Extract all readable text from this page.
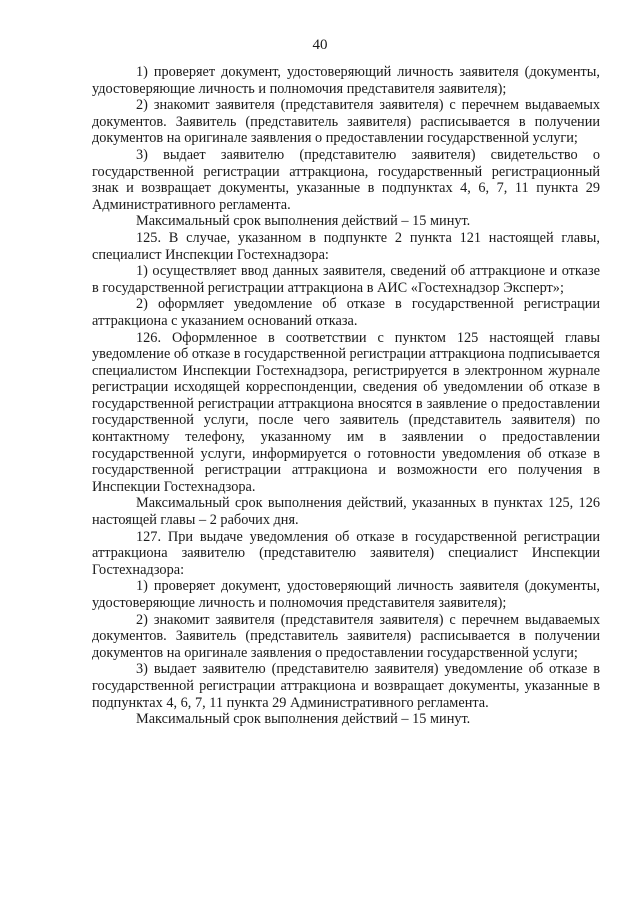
40

1) проверяет документ, удостоверяющий личность заявителя (документы, удостоверяющие личность и полномочия представителя заявителя);

2) знакомит заявителя (представителя заявителя) с перечнем выдаваемых документов. Заявитель (представитель заявителя) расписывается в получении документов на оригинале заявления о предоставлении государственной услуги;

3) выдает заявителю (представителю заявителя) свидетельство о государственной регистрации аттракциона, государственный регистрационный знак и возвращает документы, указанные в подпунктах 4, 6, 7, 11 пункта 29 Административного регламента.

Максимальный срок выполнения действий – 15 минут.

125. В случае, указанном в подпункте 2 пункта 121 настоящей главы, специалист Инспекции Гостехнадзора:

1) осуществляет ввод данных заявителя, сведений об аттракционе и отказе в государственной регистрации аттракциона в АИС «Гостехнадзор Эксперт»;

2) оформляет уведомление об отказе в государственной регистрации аттракциона с указанием оснований отказа.

126. Оформленное в соответствии с пунктом 125 настоящей главы уведомление об отказе в государственной регистрации аттракциона подписывается специалистом Инспекции Гостехнадзора, регистрируется в электронном журнале регистрации исходящей корреспонденции, сведения об уведомлении об отказе в государственной регистрации аттракциона вносятся в заявление о предоставлении государственной услуги, после чего заявитель (представитель заявителя) по контактному телефону, указанному им в заявлении о предоставлении государственной услуги, информируется о готовности уведомления об отказе в государственной регистрации аттракциона и возможности его получения в Инспекции Гостехнадзора.

Максимальный срок выполнения действий, указанных в пунктах 125, 126 настоящей главы – 2 рабочих дня.

127. При выдаче уведомления об отказе в государственной регистрации аттракциона заявителю (представителю заявителя) специалист Инспекции Гостехнадзора:

1) проверяет документ, удостоверяющий личность заявителя (документы, удостоверяющие личность и полномочия представителя заявителя);

2) знакомит заявителя (представителя заявителя) с перечнем выдаваемых документов. Заявитель (представитель заявителя) расписывается в получении документов на оригинале заявления о предоставлении государственной услуги;

3) выдает заявителю (представителю заявителя) уведомление об отказе в государственной регистрации аттракциона и возвращает документы, указанные в подпунктах 4, 6, 7, 11 пункта 29 Административного регламента.

Максимальный срок выполнения действий – 15 минут.
